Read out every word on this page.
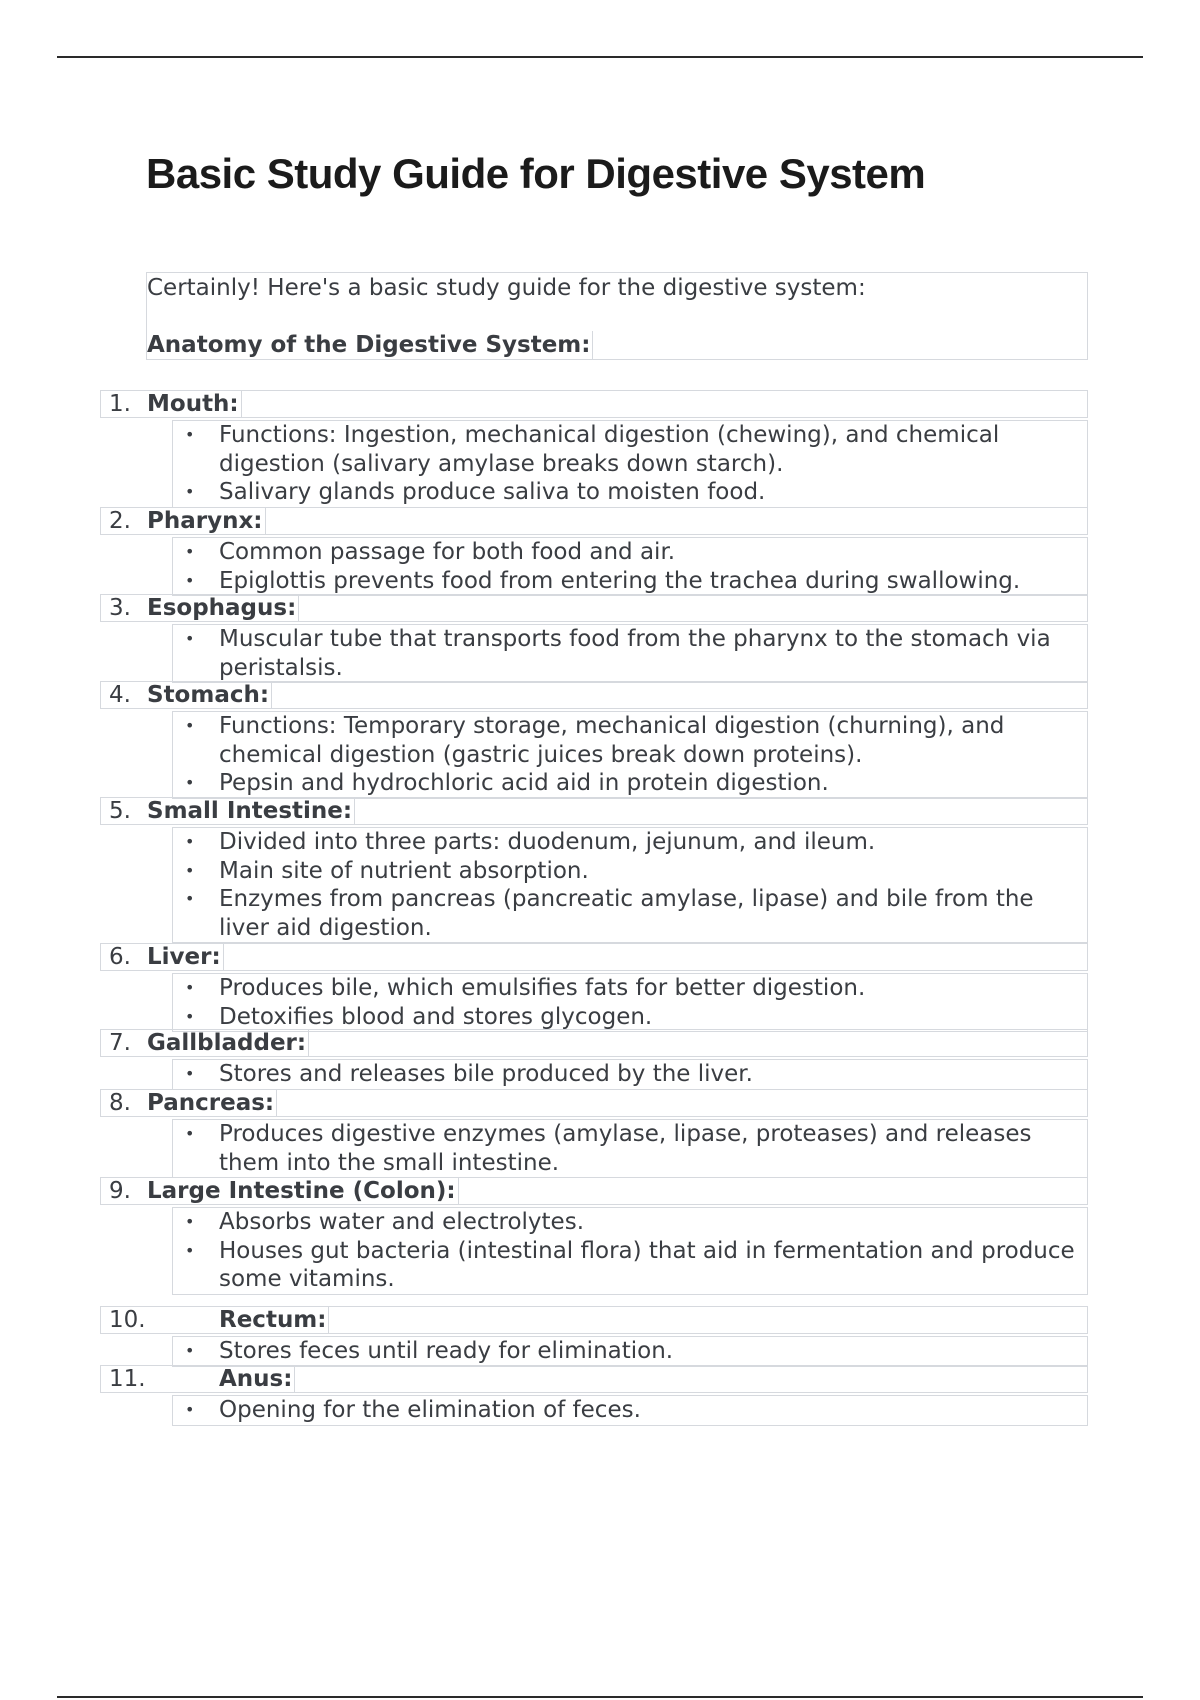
Basic Study Guide for Digestive System
Certainly! Here's a basic study guide for the digestive system:
Anatomy of the Digestive System:
1. Mouth:
• Functions: Ingestion, mechanical digestion (chewing), and chemical digestion (salivary amylase breaks down starch).
• Salivary glands produce saliva to moisten food.
2. Pharynx:
• Common passage for both food and air.
• Epiglottis prevents food from entering the trachea during swallowing.
3. Esophagus:
• Muscular tube that transports food from the pharynx to the stomach via peristalsis.
4. Stomach:
• Functions: Temporary storage, mechanical digestion (churning), and chemical digestion (gastric juices break down proteins).
• Pepsin and hydrochloric acid aid in protein digestion.
5. Small Intestine:
• Divided into three parts: duodenum, jejunum, and ileum.
• Main site of nutrient absorption.
• Enzymes from pancreas (pancreatic amylase, lipase) and bile from the liver aid digestion.
6. Liver:
• Produces bile, which emulsifies fats for better digestion.
• Detoxifies blood and stores glycogen.
7. Gallbladder:
• Stores and releases bile produced by the liver.
8. Pancreas:
• Produces digestive enzymes (amylase, lipase, proteases) and releases them into the small intestine.
9. Large Intestine (Colon):
• Absorbs water and electrolytes.
• Houses gut bacteria (intestinal flora) that aid in fermentation and produce some vitamins.
10.	Rectum:
• Stores feces until ready for elimination.
11.	Anus:
• Opening for the elimination of feces.
